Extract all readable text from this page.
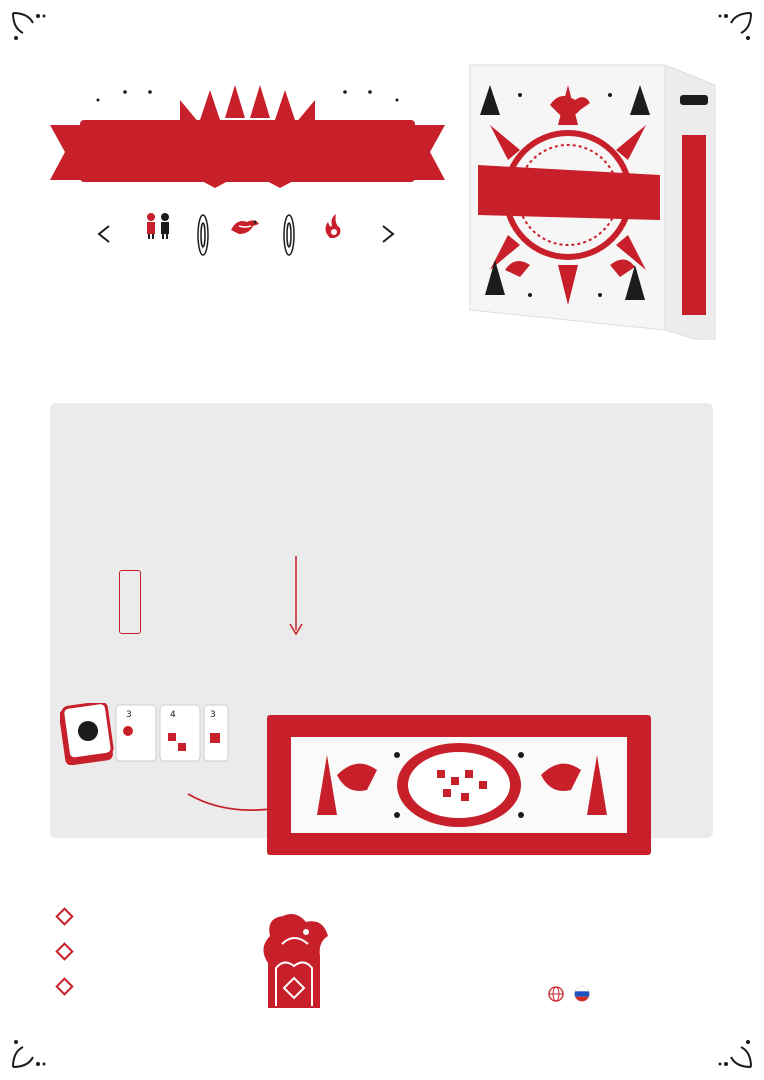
3	4	3
